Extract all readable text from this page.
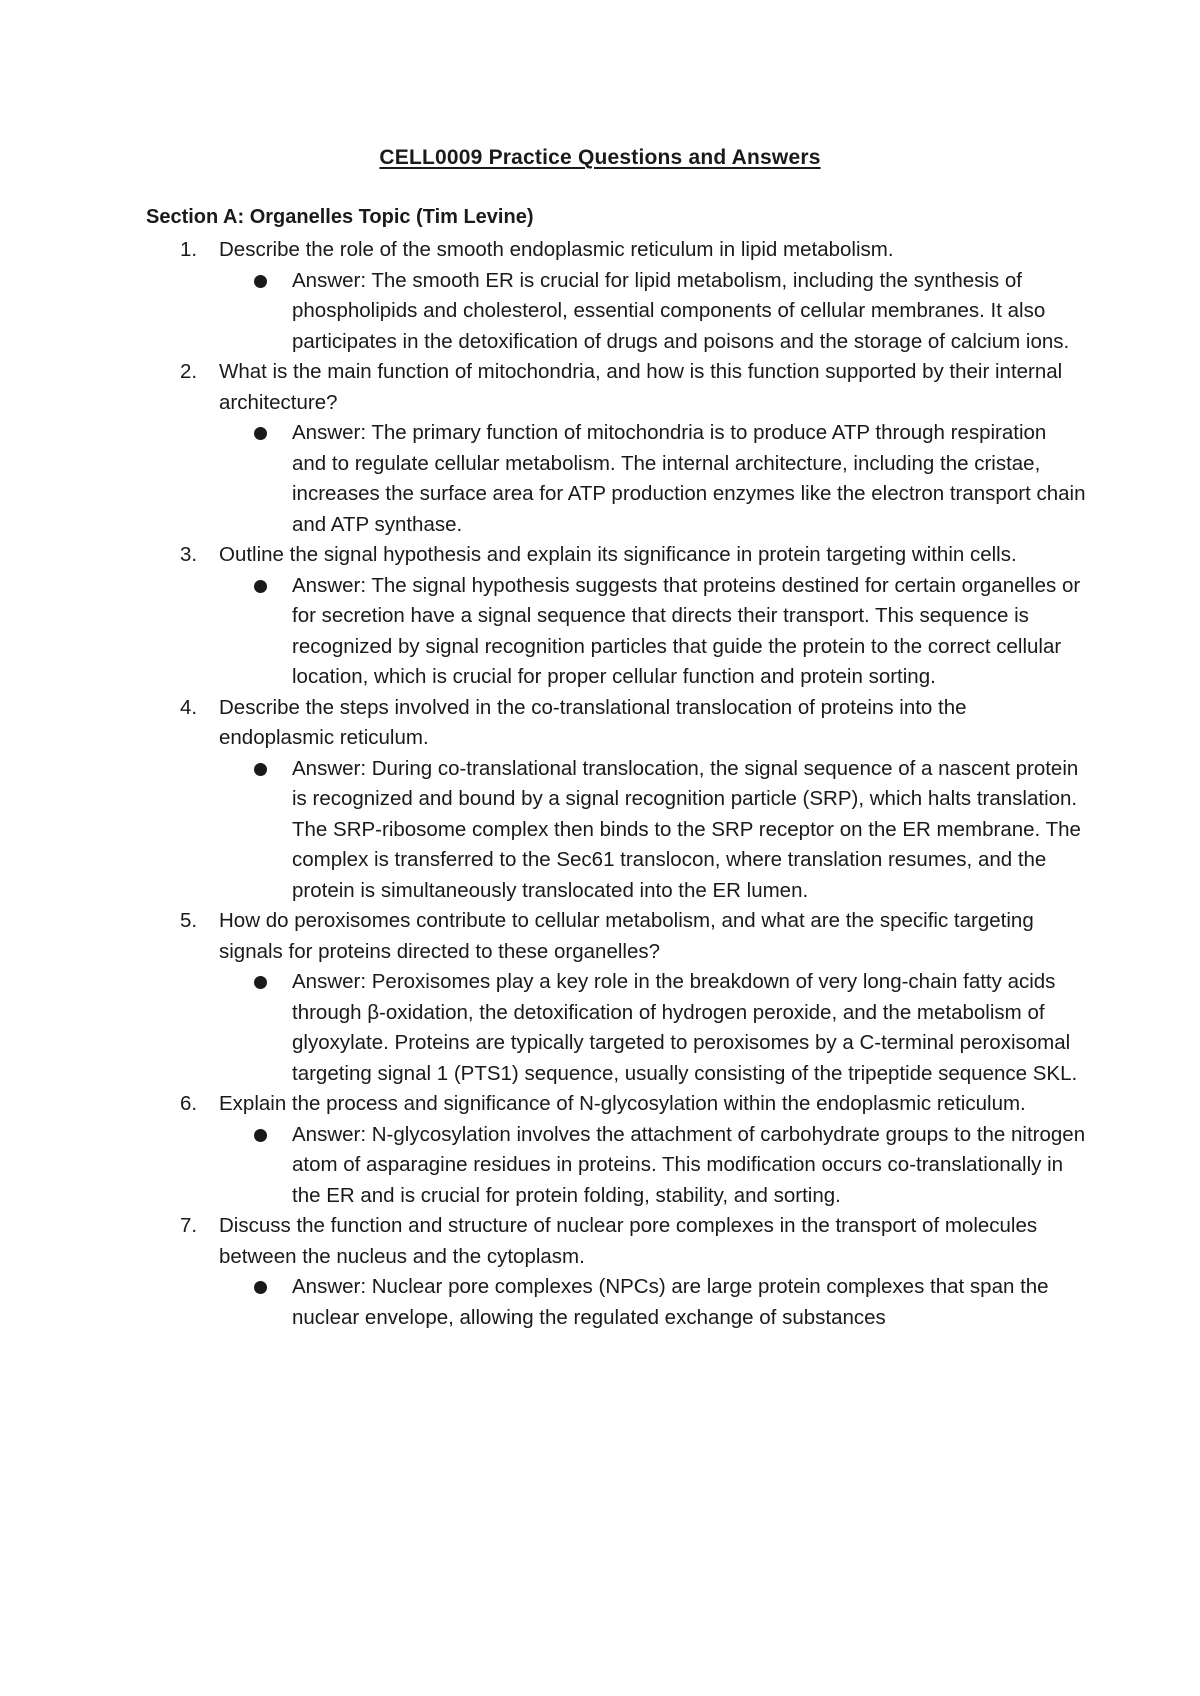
CELL0009 Practice Questions and Answers
Section A: Organelles Topic (Tim Levine)
1. Describe the role of the smooth endoplasmic reticulum in lipid metabolism.
Answer: The smooth ER is crucial for lipid metabolism, including the synthesis of phospholipids and cholesterol, essential components of cellular membranes. It also participates in the detoxification of drugs and poisons and the storage of calcium ions.
2. What is the main function of mitochondria, and how is this function supported by their internal architecture?
Answer: The primary function of mitochondria is to produce ATP through respiration and to regulate cellular metabolism. The internal architecture, including the cristae, increases the surface area for ATP production enzymes like the electron transport chain and ATP synthase.
3. Outline the signal hypothesis and explain its significance in protein targeting within cells.
Answer: The signal hypothesis suggests that proteins destined for certain organelles or for secretion have a signal sequence that directs their transport. This sequence is recognized by signal recognition particles that guide the protein to the correct cellular location, which is crucial for proper cellular function and protein sorting.
4. Describe the steps involved in the co-translational translocation of proteins into the endoplasmic reticulum.
Answer: During co-translational translocation, the signal sequence of a nascent protein is recognized and bound by a signal recognition particle (SRP), which halts translation. The SRP-ribosome complex then binds to the SRP receptor on the ER membrane. The complex is transferred to the Sec61 translocon, where translation resumes, and the protein is simultaneously translocated into the ER lumen.
5. How do peroxisomes contribute to cellular metabolism, and what are the specific targeting signals for proteins directed to these organelles?
Answer: Peroxisomes play a key role in the breakdown of very long-chain fatty acids through β-oxidation, the detoxification of hydrogen peroxide, and the metabolism of glyoxylate. Proteins are typically targeted to peroxisomes by a C-terminal peroxisomal targeting signal 1 (PTS1) sequence, usually consisting of the tripeptide sequence SKL.
6. Explain the process and significance of N-glycosylation within the endoplasmic reticulum.
Answer: N-glycosylation involves the attachment of carbohydrate groups to the nitrogen atom of asparagine residues in proteins. This modification occurs co-translationally in the ER and is crucial for protein folding, stability, and sorting.
7. Discuss the function and structure of nuclear pore complexes in the transport of molecules between the nucleus and the cytoplasm.
Answer: Nuclear pore complexes (NPCs) are large protein complexes that span the nuclear envelope, allowing the regulated exchange of substances
